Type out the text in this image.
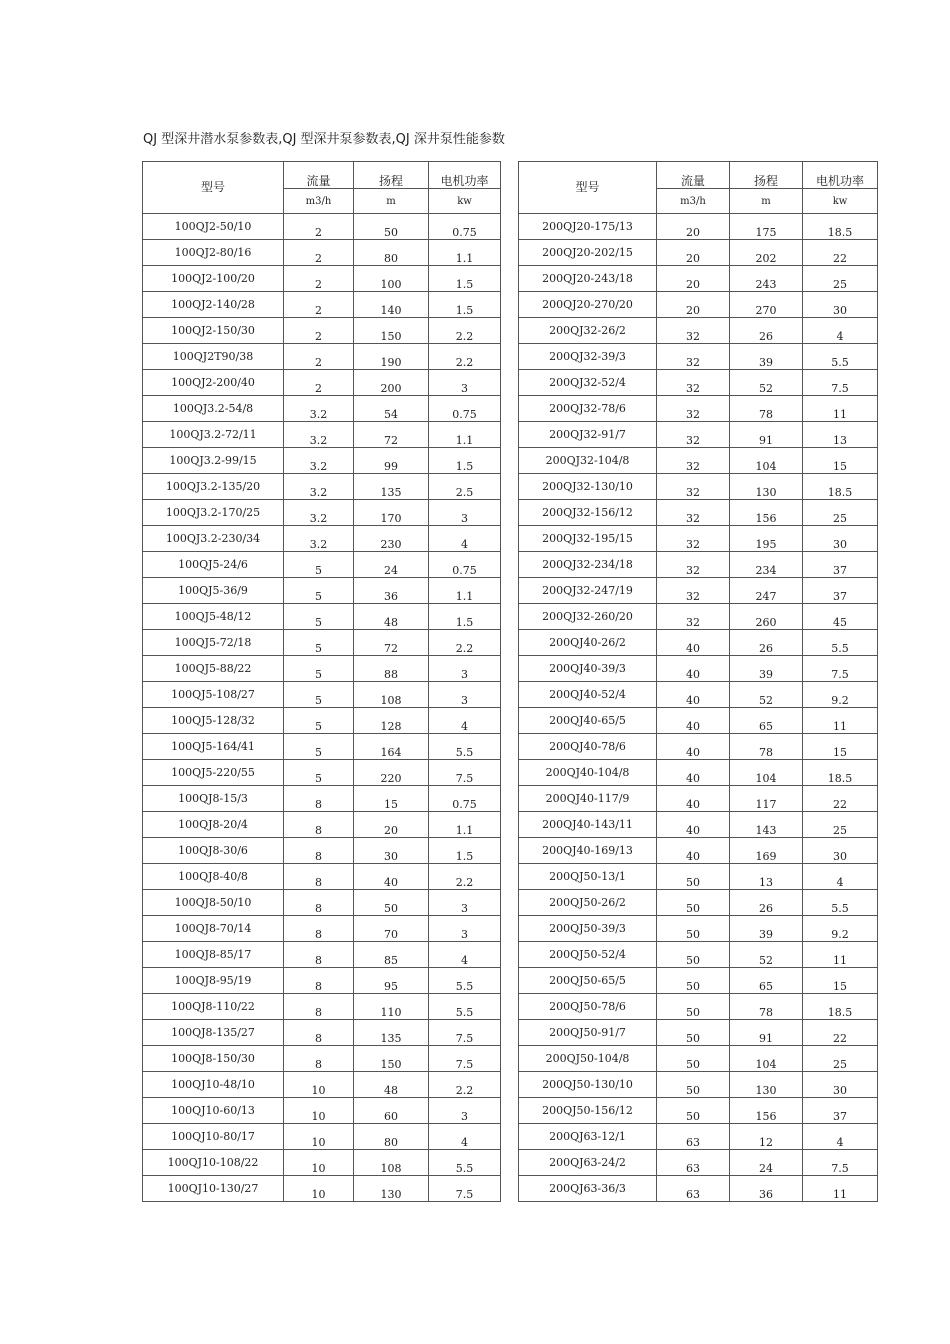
QJ 型深井潜水泵参数表,QJ 型深井泵参数表,QJ 深井泵性能参数
型号	流量	扬程	电机功率
	m3/h	m	kw
100QJ2-50/10	2	50	0.75
100QJ2-80/16	2	80	1.1
100QJ2-100/20	2	100	1.5
100QJ2-140/28	2	140	1.5
100QJ2-150/30	2	150	2.2
100QJ2T90/38	2	190	2.2
100QJ2-200/40	2	200	3
100QJ3.2-54/8	3.2	54	0.75
100QJ3.2-72/11	3.2	72	1.1
100QJ3.2-99/15	3.2	99	1.5
100QJ3.2-135/20	3.2	135	2.5
100QJ3.2-170/25	3.2	170	3
100QJ3.2-230/34	3.2	230	4
100QJ5-24/6	5	24	0.75
100QJ5-36/9	5	36	1.1
100QJ5-48/12	5	48	1.5
100QJ5-72/18	5	72	2.2
100QJ5-88/22	5	88	3
100QJ5-108/27	5	108	3
100QJ5-128/32	5	128	4
100QJ5-164/41	5	164	5.5
100QJ5-220/55	5	220	7.5
100QJ8-15/3	8	15	0.75
100QJ8-20/4	8	20	1.1
100QJ8-30/6	8	30	1.5
100QJ8-40/8	8	40	2.2
100QJ8-50/10	8	50	3
100QJ8-70/14	8	70	3
100QJ8-85/17	8	85	4
100QJ8-95/19	8	95	5.5
100QJ8-110/22	8	110	5.5
100QJ8-135/27	8	135	7.5
100QJ8-150/30	8	150	7.5
100QJ10-48/10	10	48	2.2
100QJ10-60/13	10	60	3
100QJ10-80/17	10	80	4
100QJ10-108/22	10	108	5.5
100QJ10-130/27	10	130	7.5
型号	流量	扬程	电机功率
	m3/h	m	kw
200QJ20-175/13	20	175	18.5
200QJ20-202/15	20	202	22
200QJ20-243/18	20	243	25
200QJ20-270/20	20	270	30
200QJ32-26/2	32	26	4
200QJ32-39/3	32	39	5.5
200QJ32-52/4	32	52	7.5
200QJ32-78/6	32	78	11
200QJ32-91/7	32	91	13
200QJ32-104/8	32	104	15
200QJ32-130/10	32	130	18.5
200QJ32-156/12	32	156	25
200QJ32-195/15	32	195	30
200QJ32-234/18	32	234	37
200QJ32-247/19	32	247	37
200QJ32-260/20	32	260	45
200QJ40-26/2	40	26	5.5
200QJ40-39/3	40	39	7.5
200QJ40-52/4	40	52	9.2
200QJ40-65/5	40	65	11
200QJ40-78/6	40	78	15
200QJ40-104/8	40	104	18.5
200QJ40-117/9	40	117	22
200QJ40-143/11	40	143	25
200QJ40-169/13	40	169	30
200QJ50-13/1	50	13	4
200QJ50-26/2	50	26	5.5
200QJ50-39/3	50	39	9.2
200QJ50-52/4	50	52	11
200QJ50-65/5	50	65	15
200QJ50-78/6	50	78	18.5
200QJ50-91/7	50	91	22
200QJ50-104/8	50	104	25
200QJ50-130/10	50	130	30
200QJ50-156/12	50	156	37
200QJ63-12/1	63	12	4
200QJ63-24/2	63	24	7.5
200QJ63-36/3	63	36	11
